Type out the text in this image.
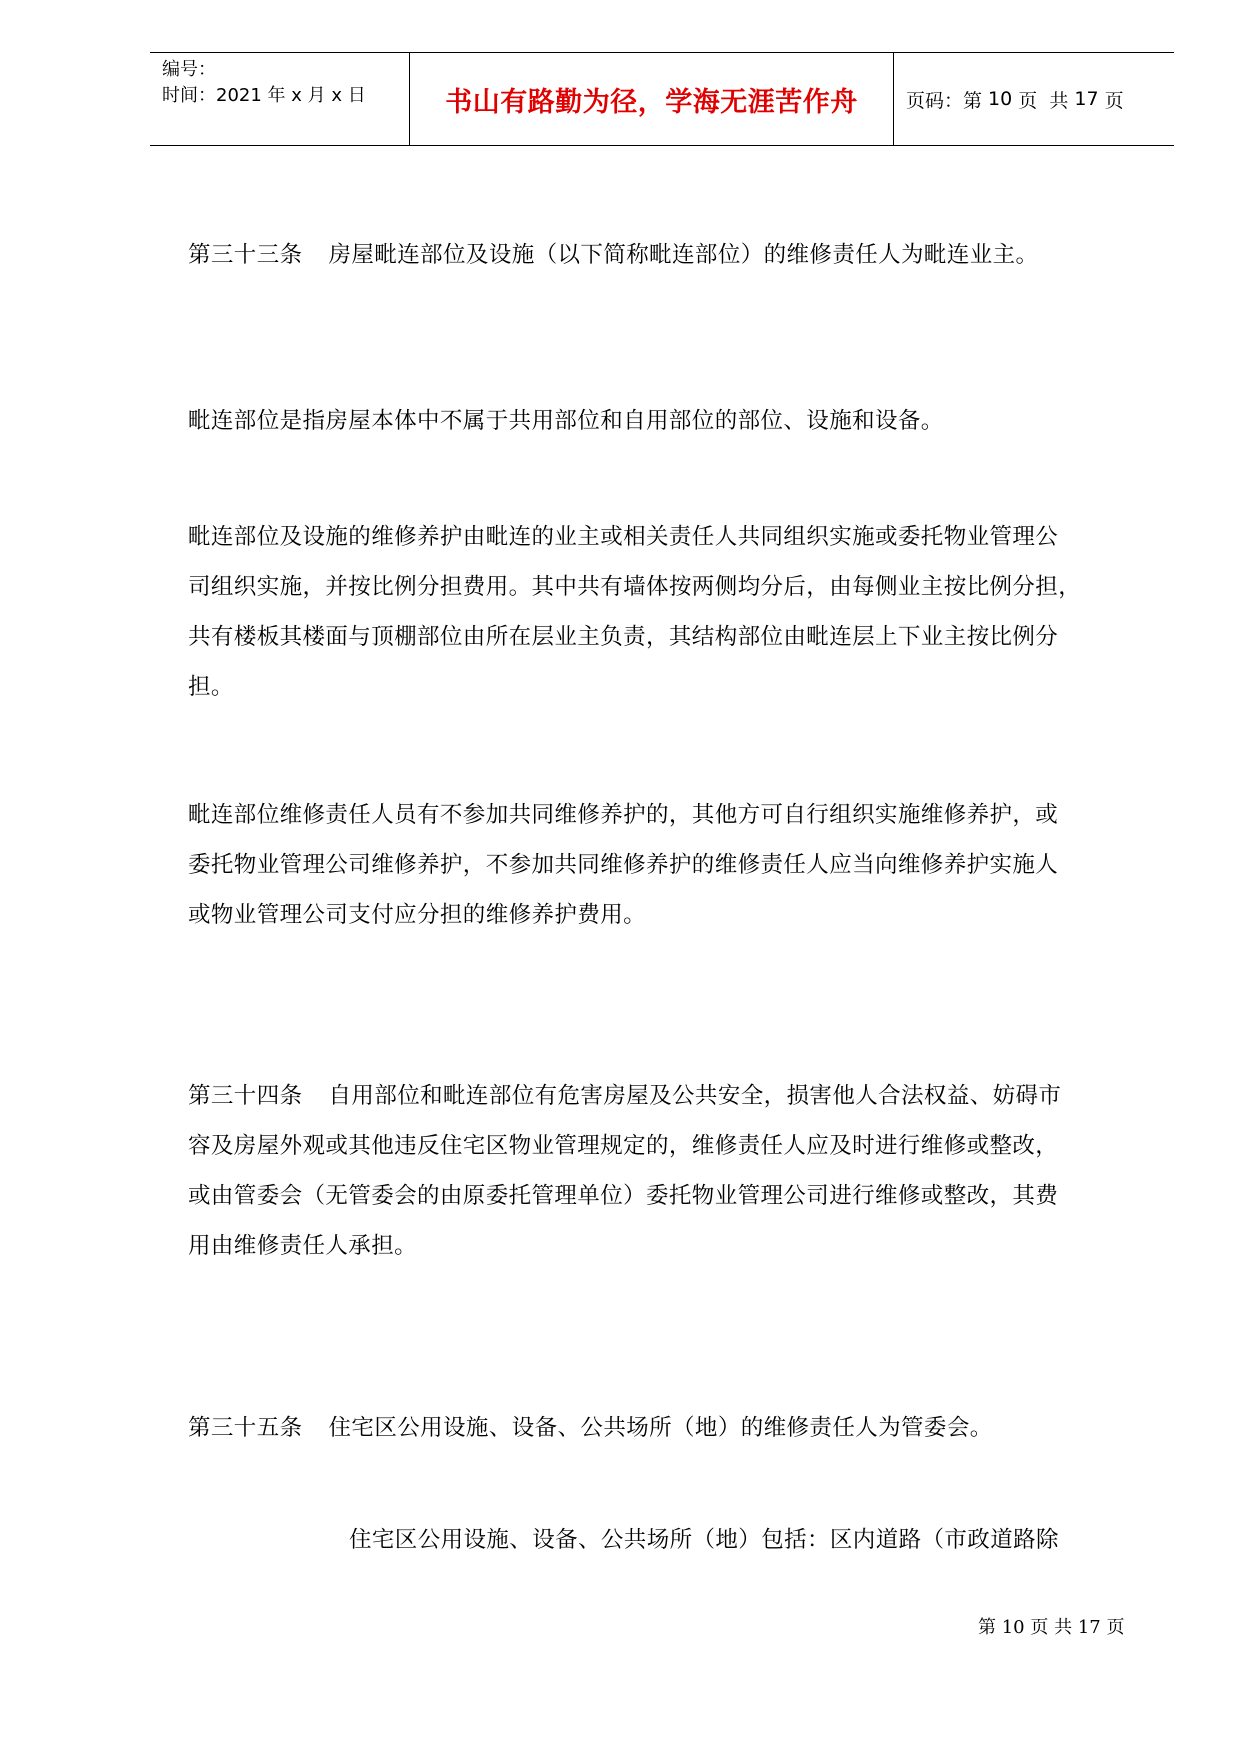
编号：
时间：2021 年 x 月 x 日	书山有路勤为径，学海无涯苦作舟	页码：第 10 页  共 17 页
第三十三条 房屋毗连部位及设施（以下简称毗连部位）的维修责任人为毗连业主。
毗连部位是指房屋本体中不属于共用部位和自用部位的部位、设施和设备。
毗连部位及设施的维修养护由毗连的业主或相关责任人共同组织实施或委托物业管理公
司组织实施，并按比例分担费用。其中共有墙体按两侧均分后，由每侧业主按比例分担，
共有楼板其楼面与顶棚部位由所在层业主负责，其结构部位由毗连层上下业主按比例分
担。
毗连部位维修责任人员有不参加共同维修养护的，其他方可自行组织实施维修养护，或
委托物业管理公司维修养护，不参加共同维修养护的维修责任人应当向维修养护实施人
或物业管理公司支付应分担的维修养护费用。
第三十四条 自用部位和毗连部位有危害房屋及公共安全，损害他人合法权益、妨碍市
容及房屋外观或其他违反住宅区物业管理规定的，维修责任人应及时进行维修或整改，
或由管委会（无管委会的由原委托管理单位）委托物业管理公司进行维修或整改，其费
用由维修责任人承担。
第三十五条 住宅区公用设施、设备、公共场所（地）的维修责任人为管委会。
住宅区公用设施、设备、公共场所（地）包括：区内道路（市政道路除
第 10 页 共 17 页
